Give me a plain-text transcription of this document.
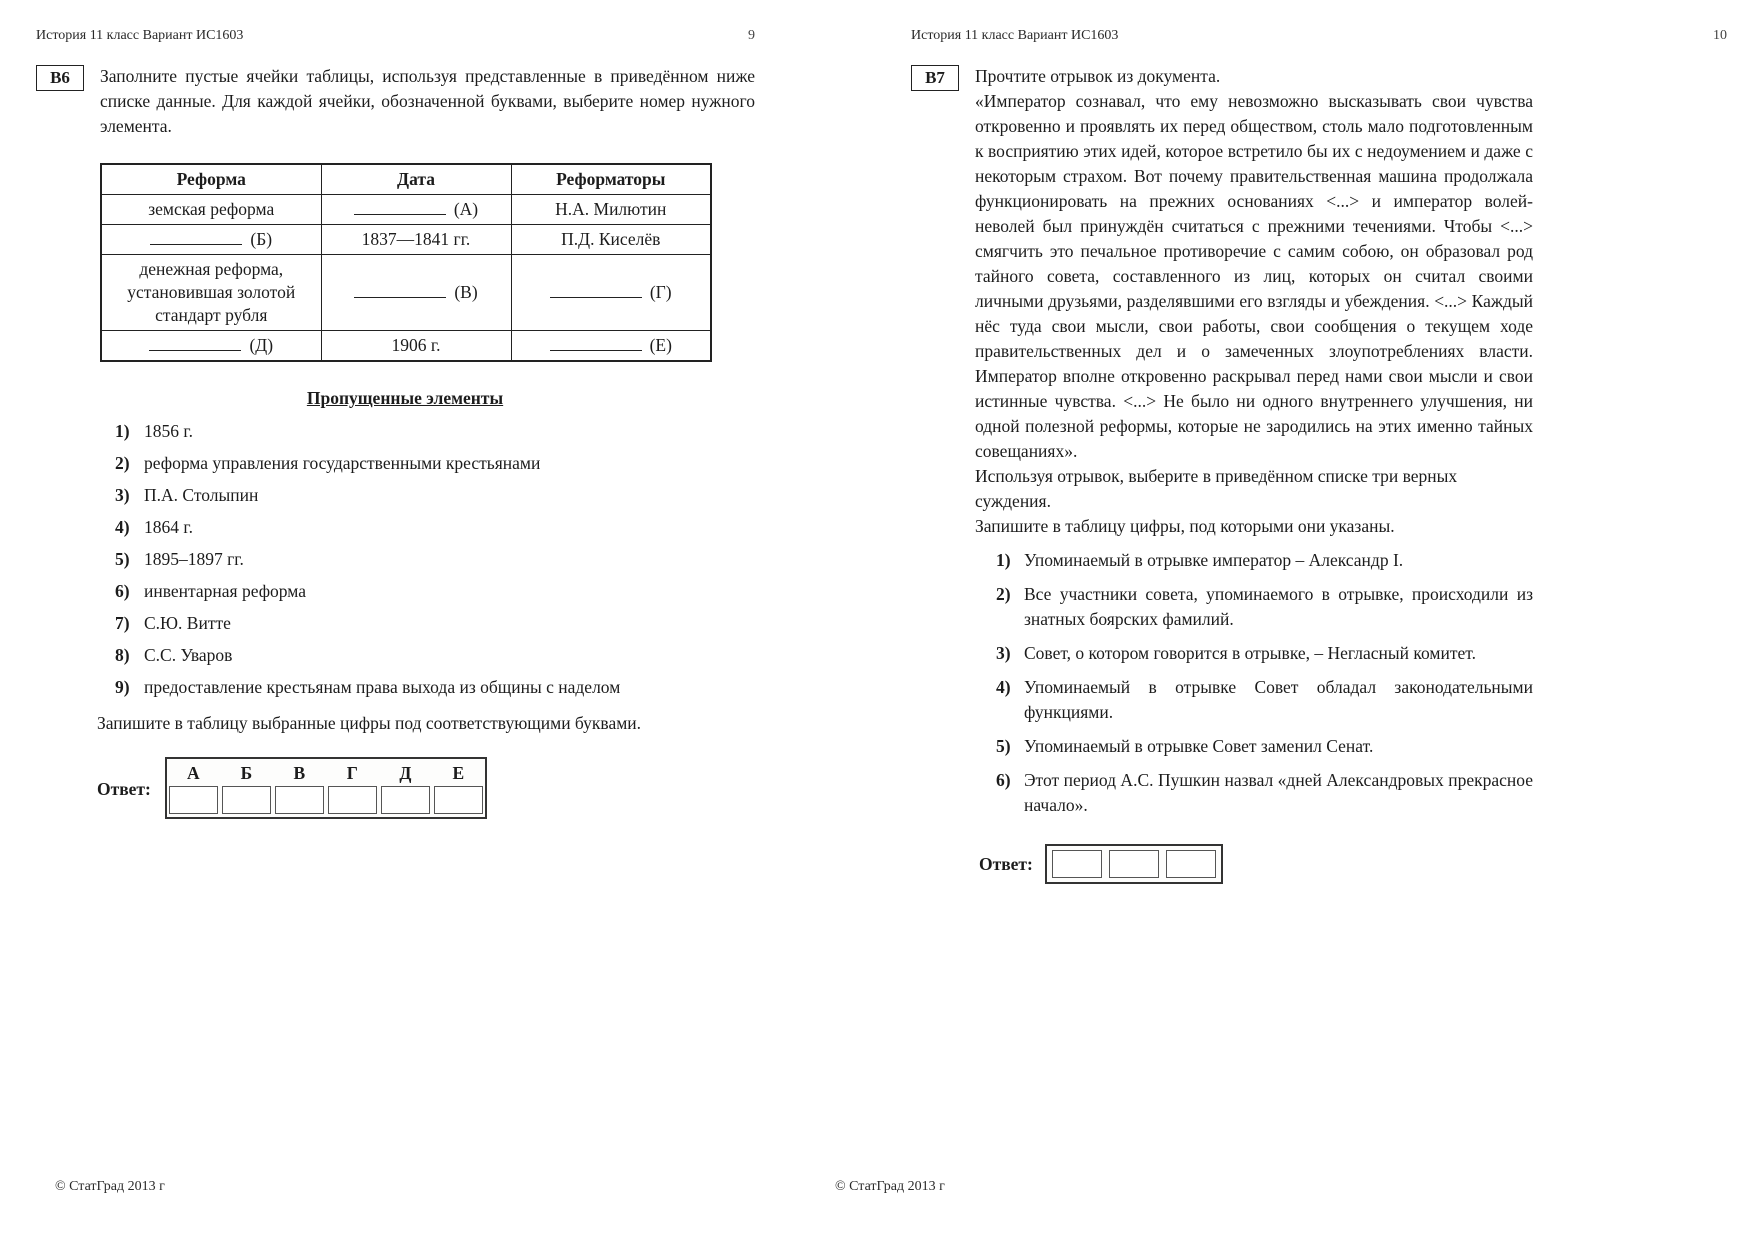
История 11 класс Вариант ИС1603	9
В6	Заполните пустые ячейки таблицы, используя представленные в приведённом ниже списке данные. Для каждой ячейки, обозначенной буквами, выберите номер нужного элемента.
Реформа	Дата	Реформаторы
земская реформа	(А)	Н.А. Милютин
(Б)	1837—1841 гг.	П.Д. Киселёв
денежная реформа, установившая золотой стандарт рубля	(В)	(Г)
(Д)	1906 г.	(Е)
Пропущенные элементы
1) 1856 г.
2) реформа управления государственными крестьянами
3) П.А. Столыпин
4) 1864 г.
5) 1895–1897 гг.
6) инвентарная реформа
7) С.Ю. Витте
8) С.С. Уваров
9) предоставление крестьянам права выхода из общины с наделом
Запишите в таблицу выбранные цифры под соответствующими буквами.
Ответ:
А	Б	В	Г	Д	Е
История 11 класс Вариант ИС1603	10
В7	Прочтите отрывок из документа.
«Император сознавал, что ему невозможно высказывать свои чувства откровенно и проявлять их перед обществом, столь мало подготовленным к восприятию этих идей, которое встретило бы их с недоумением и даже с некоторым страхом. Вот почему правительственная машина продолжала функционировать на прежних основаниях <...> и император волей-неволей был принуждён считаться с прежними течениями. Чтобы <...> смягчить это печальное противоречие с самим собою, он образовал род тайного совета, составленного из лиц, которых он считал своими личными друзьями, разделявшими его взгляды и убеждения. <...> Каждый нёс туда свои мысли, свои работы, свои сообщения о текущем ходе правительственных дел и о замеченных злоупотреблениях власти. Император вполне откровенно раскрывал перед нами свои мысли и свои истинные чувства. <...> Не было ни одного внутреннего улучшения, ни одной полезной реформы, которые не зародились на этих именно тайных совещаниях».
Используя отрывок, выберите в приведённом списке три верных суждения.
Запишите в таблицу цифры, под которыми они указаны.
1) Упоминаемый в отрывке император – Александр I.
2) Все участники совета, упоминаемого в отрывке, происходили из знатных боярских фамилий.
3) Совет, о котором говорится в отрывке, – Негласный комитет.
4) Упоминаемый в отрывке Совет обладал законодательными функциями.
5) Упоминаемый в отрывке Совет заменил Сенат.
6) Этот период А.С. Пушкин назвал «дней Александровых прекрасное начало».
Ответ:
© СтатГрад 2013 г	© СтатГрад 2013 г
